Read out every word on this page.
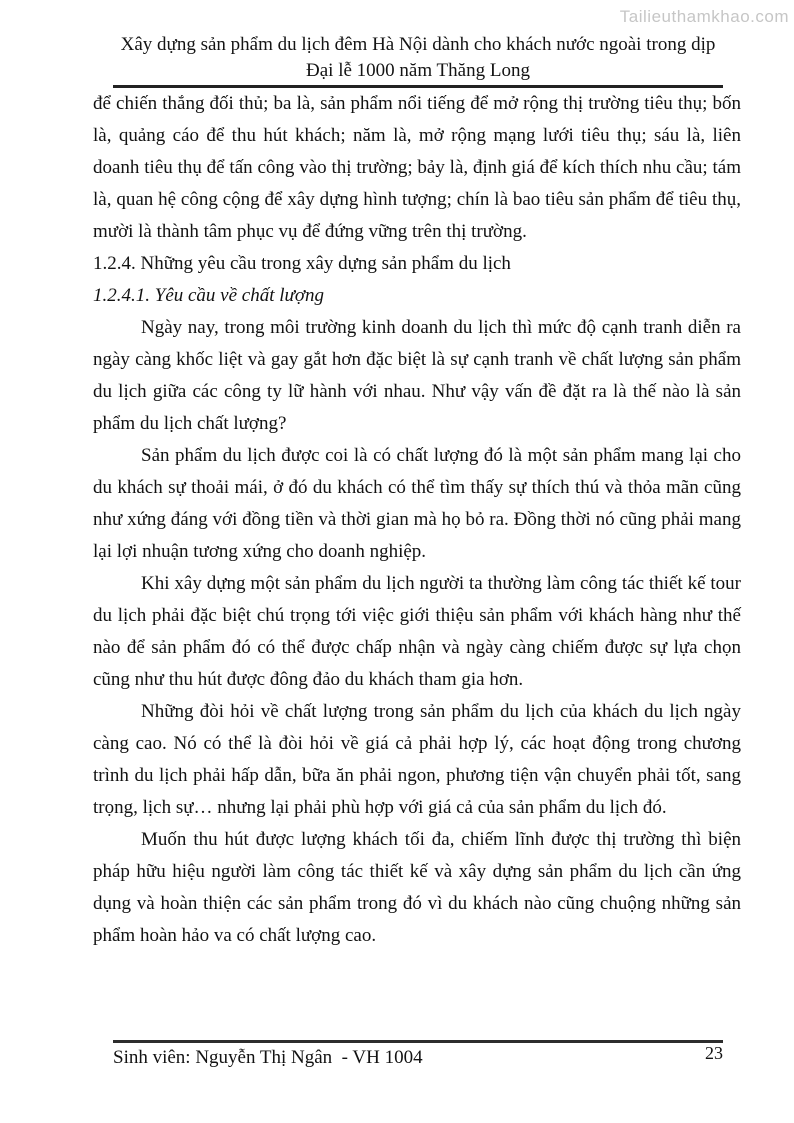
Tailieuthamkhao.com
Xây dựng sản phẩm du lịch đêm Hà Nội dành cho khách nước ngoài trong dịp
Đại lễ 1000 năm Thăng Long

để chiến thắng đối thủ; ba là, sản phẩm nổi tiếng để mở rộng thị trường tiêu thụ; bốn là, quảng cáo để thu hút khách; năm là, mở rộng mạng lưới tiêu thụ; sáu là, liên doanh tiêu thụ để tấn công vào thị trường; bảy là, định giá để kích thích nhu cầu; tám là, quan hệ công cộng để xây dựng hình tượng; chín là bao tiêu sản phẩm để tiêu thụ, mười là thành tâm phục vụ để đứng vững trên thị trường.

1.2.4. Những yêu cầu trong xây dựng sản phẩm du lịch

1.2.4.1. Yêu cầu về chất lượng

Ngày nay, trong môi trường kinh doanh du lịch thì mức độ cạnh tranh diễn ra ngày càng khốc liệt và gay gắt hơn đặc biệt là sự cạnh tranh về chất lượng sản phẩm du lịch giữa các công ty lữ hành với nhau. Như vậy vấn đề đặt ra là thế nào là sản phẩm du lịch chất lượng?

Sản phẩm du lịch được coi là có chất lượng đó là một sản phẩm mang lại cho du khách sự thoải mái, ở đó du khách có thể tìm thấy sự thích thú và thỏa mãn cũng như xứng đáng với đồng tiền và thời gian mà họ bỏ ra. Đồng thời nó cũng phải mang lại lợi nhuận tương xứng cho doanh nghiệp.

Khi xây dựng một sản phẩm du lịch người ta thường làm công tác thiết kế tour du lịch phải đặc biệt chú trọng tới việc giới thiệu sản phẩm với khách hàng như thế nào để sản phẩm đó có thể được chấp nhận và ngày càng chiếm được sự lựa chọn cũng như thu hút được đông đảo du khách tham gia hơn.

Những đòi hỏi về chất lượng trong sản phẩm du lịch của khách du lịch ngày càng cao. Nó có thể là đòi hỏi về giá cả phải hợp lý, các hoạt động trong chương trình du lịch phải hấp dẫn, bữa ăn phải ngon, phương tiện vận chuyển phải tốt, sang trọng, lịch sự… nhưng lại phải phù hợp với giá cả của sản phẩm du lịch đó.

Muốn thu hút được lượng khách tối đa, chiếm lĩnh được thị trường thì biện pháp hữu hiệu người làm công tác thiết kế và xây dựng sản phẩm du lịch cần ứng dụng và hoàn thiện các sản phẩm trong đó vì du khách nào cũng chuộng những sản phẩm hoàn hảo va có chất lượng cao.

23
Sinh viên: Nguyễn Thị Ngân  - VH 1004
